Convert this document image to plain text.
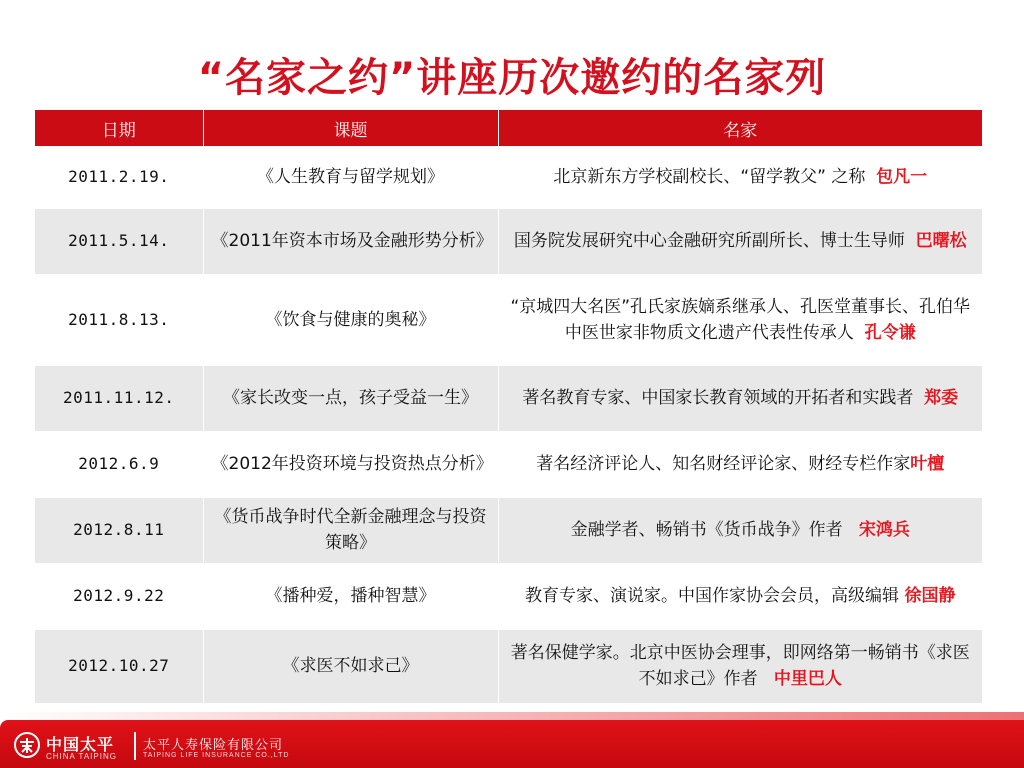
“名家之约”讲座历次邀约的名家列
日期	课题	名家
2011.2.19.	《人生教育与留学规划》	北京新东方学校副校长、“留学教父” 之称 包凡一
2011.5.14.	《2011年资本市场及金融形势分析》	国务院发展研究中心金融研究所副所长、博士生导师 巴曙松
2011.8.13.	《饮食与健康的奥秘》	“京城四大名医”孔氏家族嫡系继承人、孔医堂董事长、孔伯华中医世家非物质文化遗产代表性传承人 孔令谦
2011.11.12.	《家长改变一点，孩子受益一生》	著名教育专家、中国家长教育领域的开拓者和实践者 郑委
2012.6.9	《2012年投资环境与投资热点分析》	著名经济评论人、知名财经评论家、财经专栏作家叶檀
2012.8.11	《货币战争时代全新金融理念与投资策略》	金融学者、畅销书《货币战争》作者 宋鸿兵
2012.9.22	《播种爱，播种智慧》	教育专家、演说家。中国作家协会会员，高级编辑 徐国静
2012.10.27	《求医不如求己》	著名保健学家。北京中医协会理事，即网络第一畅销书《求医不如求己》作者 中里巴人
中国太平
CHINA TAIPING
太平人寿保险有限公司
TAIPING LIFE INSURANCE CO.,LTD
